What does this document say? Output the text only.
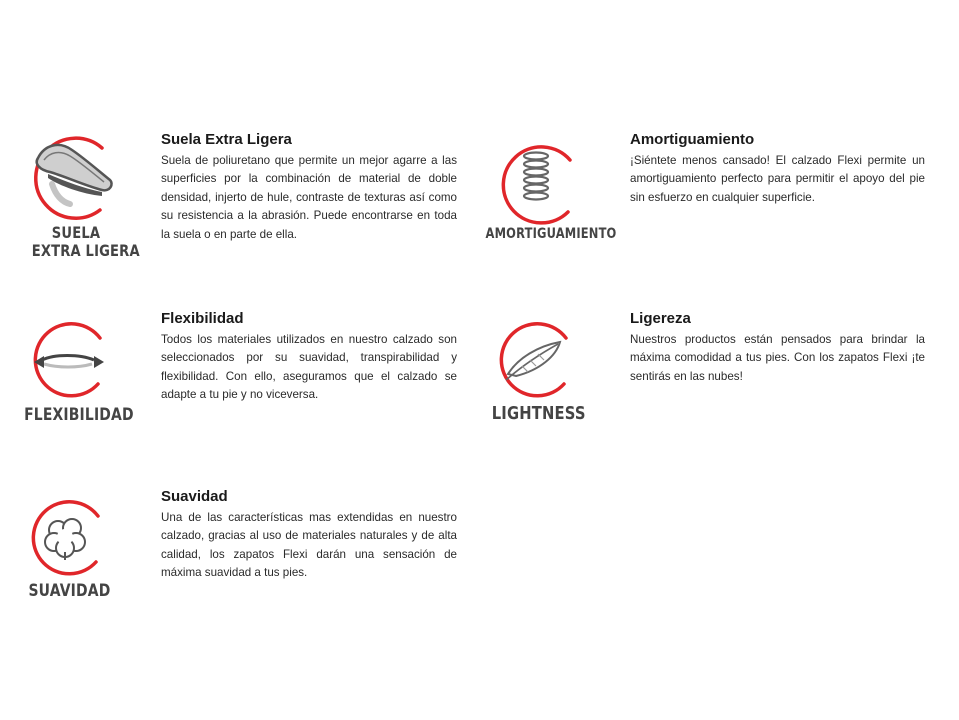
SUELA
EXTRA LIGERA

Suela Extra Ligera

Suela de poliuretano que permite un mejor agarre a las superficies por la combinación de material de doble densidad, injerto de hule, contraste de texturas así como su resistencia a la abrasión. Puede encontrarse en toda la suela o en parte de ella.	AMORTIGUAMIENTO

Amortiguamiento

¡Siéntete menos cansado! El calzado Flexi permite un amortiguamiento perfecto para permitir el apoyo del pie sin esfuerzo en cualquier superficie.

FLEXIBILIDAD

Flexibilidad

Todos los materiales utilizados en nuestro calzado son seleccionados por su suavidad, transpirabilidad y flexibilidad. Con ello, aseguramos que el calzado se adapte a tu pie y no viceversa.

LIGHTNESS

Ligereza

Nuestros productos están pensados para brindar la máxima comodidad a tus pies. Con los zapatos Flexi ¡te sentirás en las nubes!

SUAVIDAD

Suavidad

Una de las características mas extendidas en nuestro calzado, gracias al uso de materiales naturales y de alta calidad, los zapatos Flexi darán una sensación de máxima suavidad a tus pies.
